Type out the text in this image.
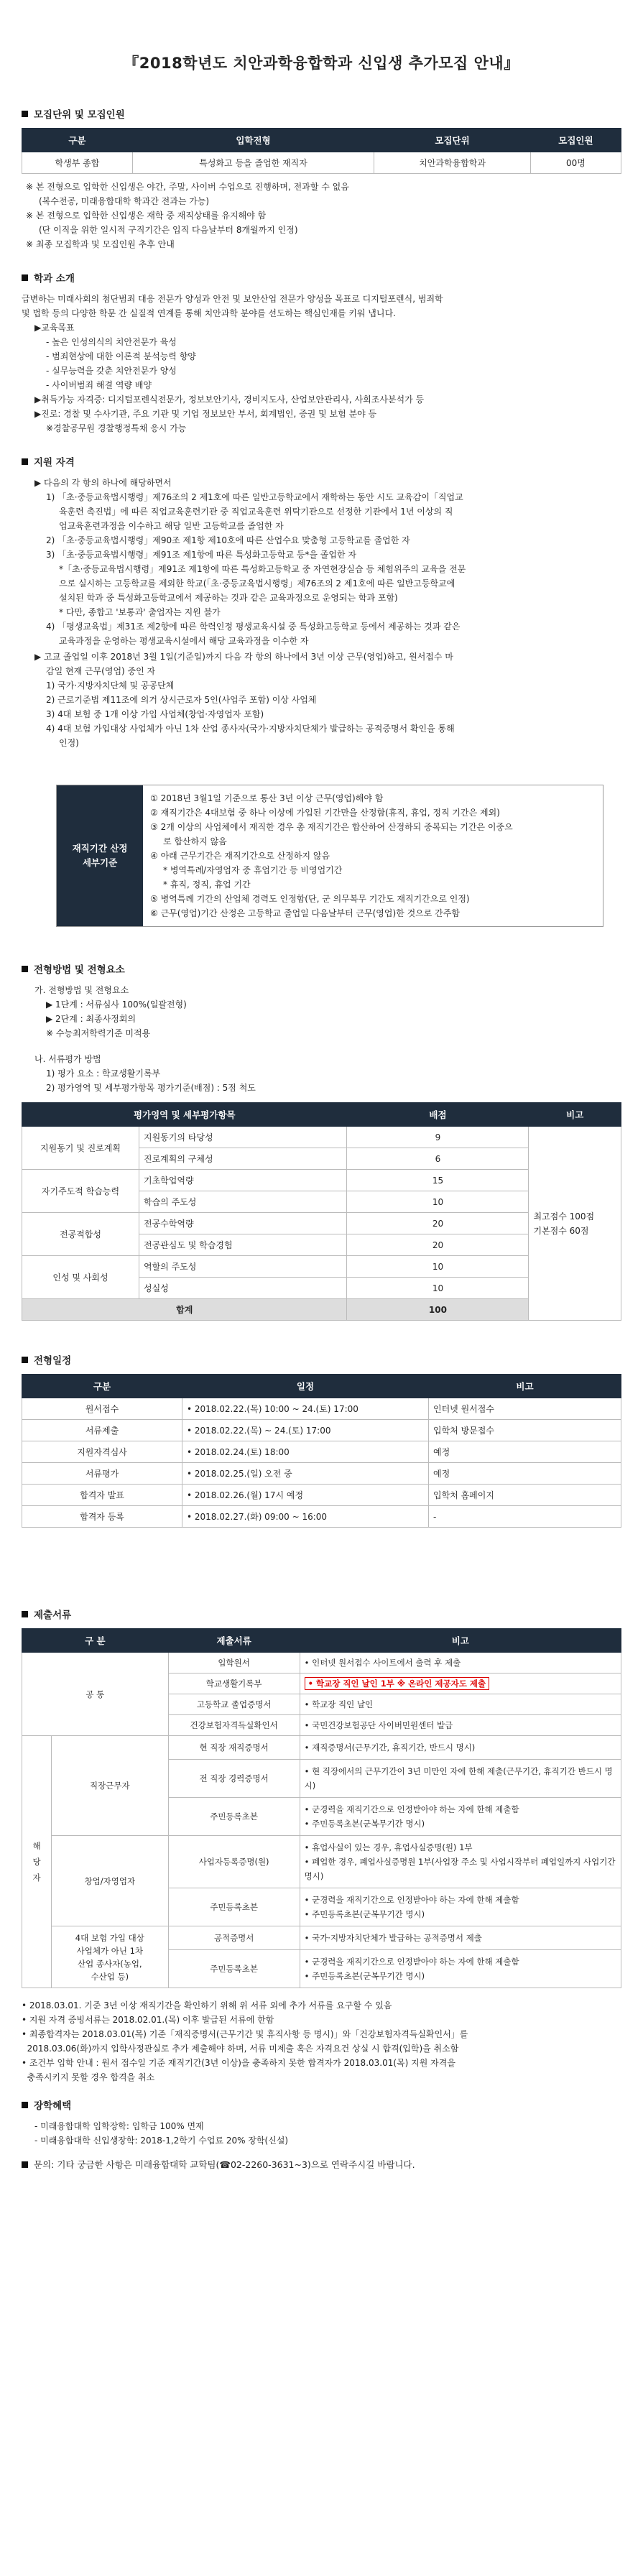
『2018학년도 치안과학융합학과 신입생 추가모집 안내』
모집단위 및 모집인원
구분	입학전형	모집단위	모집인원
학생부 종합	특성화고 등을 졸업한 재직자	치안과학융합학과	00명
※ 본 전형으로 입학한 신입생은 야간, 주말, 사이버 수업으로 진행하며, 전과할 수 없음
(복수전공, 미래융합대학 학과간 전과는 가능)
※ 본 전형으로 입학한 신입생은 재학 중 재직상태를 유지해야 함
(단 이직을 위한 일시적 구직기간은 입직 다음날부터 8개월까지 인정)
※ 최종 모집학과 및 모집인원 추후 안내
학과 소개
급변하는 미래사회의 첨단범죄 대응 전문가 양성과 안전 및 보안산업 전문가 양성을 목표로 디지털포렌식, 범죄학
및 법학 등의 다양한 학문 간 실질적 연계를 통해 치안과학 분야를 선도하는 핵심인재를 키워 냅니다.
▶교육목표
- 높은 인성의식의 치안전문가 육성
- 범죄현상에 대한 이론적 분석능력 향양
- 실무능력을 갖춘 치안전문가 양성
- 사이버범죄 해결 역량 배양
▶취득가능 자격증: 디지털포렌식전문가, 정보보안기사, 경비지도사, 산업보안관리사, 사회조사분석가 등
▶진로: 경찰 및 수사기관, 주요 기관 및 기업 정보보안 부서, 회계법인, 증권 및 보험 분야 등
※경찰공무원 경찰행정특채 응시 가능
지원 자격
▶ 다음의 각 항의 하나에 해당하면서
1) 「초·중등교육법시행령」제76조의 2 제1호에 따른 일반고등학교에서 재학하는 동안 시도 교육감이「직업교
육훈련 촉진법」에 따른 직업교육훈련기관 중 직업교육훈련 위탁기관으로 선정한 기관에서 1년 이상의 직
업교육훈련과정을 이수하고 해당 일반 고등학교를 졸업한 자
2) 「초·중등교육법시행령」제90조 제1항 제10호에 따른 산업수요 맞춤형 고등학교를 졸업한 자
3) 「초·중등교육법시행령」제91조 제1항에 따른 특성화고등학교 등*을 졸업한 자
*「초·중등교육법시행령」제91조 제1항에 따른 특성화고등학교 중 자연현장실습 등 체험위주의 교육을 전문
으로 실시하는 고등학교를 제외한 학교(「초·중등교육법시행령」제76조의 2 제1호에 따른 일반고등학교에
설치된 학과 중 특성화고등학교에서 제공하는 것과 같은 교육과정으로 운영되는 학과 포함)
* 다만, 종합고 '보통과' 출업자는 지원 불가
4) 「평생교육법」제31조 제2항에 따른 학력인정 평생교육시설 중 특성화고등학교 등에서 제공하는 것과 같은
교육과정을 운영하는 평생교육시설에서 해당 교육과정을 이수한 자
▶ 고교 졸업일 이후 2018년 3월 1일(기준일)까지 다음 각 항의 하나에서 3년 이상 근무(영업)하고, 원서접수 마
감일 현재 근무(영업) 중인 자
1) 국가·지방자치단체 및 공공단체
2) 근로기준법 제11조에 의거 상시근로자 5인(사업주 포함) 이상 사업체
3) 4대 보험 중 1개 이상 가입 사업체(창업·자영업자 포함)
4) 4대 보험 가입대상 사업체가 아닌 1차 산업 종사자(국가·지방자치단체가 발급하는 공적증명서 확인을 통해
인정)
재직기간 산정
세부기준
① 2018년 3월1일 기준으로 통산 3년 이상 근무(영업)해야 함
② 재직기간은 4대보험 중 하나 이상에 가입된 기간만을 산정함(휴직, 휴업, 정직 기간은 제외)
③ 2개 이상의 사업체에서 재직한 경우 총 재직기간은 합산하여 산정하되 중복되는 기간은 이중으
로 합산하지 않음
④ 아래 근무기간은 재직기간으로 산정하지 않음
* 병역특례/자영업자 중 휴업기간 등 비영업기간
* 휴직, 정직, 휴업 기간
⑤ 병역특례 기간의 산업체 경력도 인정함(단, 군 의무복무 기간도 재직기간으로 인정)
⑥ 근무(영업)기간 산정은 고등학교 졸업일 다음날부터 근무(영업)한 것으로 간주함
전형방법 및 전형요소
가. 전형방법 및 전형요소
▶ 1단계 : 서류심사 100%(일괄전형)
▶ 2단계 : 최종사정회의
※ 수능최저학력기준 미적용
나. 서류평가 방법
1) 평가 요소 : 학교생활기록부
2) 평가영역 및 세부평가항목 평가기준(배점) : 5점 척도
평가영역 및 세부평가항목		배점	비고
지원동기 및 진로계획	지원동기의 타당성	9	최고점수 100점
기본점수 60점

	진로계획의 구체성	6	
자기주도적 학습능력	기초학업역량	15	
	학습의 주도성	10	
전공적합성	전공수학역량	20	
	전공관심도 및 학습경험	20	
인성 및 사회성	역할의 주도성	10	
	성실성	10	
합계		100	
전형일정
구분	일정	비고
원서접수	• 2018.02.22.(목) 10:00 ~ 24.(토) 17:00	인터넷 원서접수
서류제출	• 2018.02.22.(목) ~ 24.(토) 17:00	입학처 방문접수
지원자격심사	• 2018.02.24.(토) 18:00	예정
서류평가	• 2018.02.25.(일) 오전 중	예정
합격자 발표	• 2018.02.26.(월) 17시 예정	입학처 홈페이지
합격자 등록	• 2018.02.27.(화) 09:00 ~ 16:00	-
제출서류
구 분		제출서류	비고
공 통		입학원서	• 인터넷 원서접수 사이트에서 출력 후 제출
		학교생활기록부	• 학교장 직인 날인 1부 ※ 온라인 제공자도 제출
		고등학교 졸업증명서	• 학교장 직인 날인
		건강보험자격득실확인서	• 국민건강보험공단 사이버민원센터 발급
해
당
자	직장근무자	현 직장 재직증명서	• 재직증명서(근무기간, 휴직기간, 반드시 명시)
		전 직장 경력증명서	• 현 직장에서의 근무기간이 3년 미만인 자에 한해 제출(근무기간, 휴직기간 반드시 명시)
		주민등록초본	• 군경력을 재직기간으로 인정받아야 하는 자에 한해 제출함
• 주민등록초본(군복무기간 명시)
	창업/자영업자	사업자등록증명(원)	• 휴업사실이 있는 경우, 휴업사실증명(원) 1부
• 폐업한 경우, 폐업사실증명원 1부(사업장 주소 및 사업시작부터 폐업일까지 사업기간 명시)
		주민등록초본	• 군경력을 재직기간으로 인정받아야 하는 자에 한해 제출함
• 주민등록초본(군복무기간 명시)
	4대 보험 가입 대상
사업체가 아닌 1차
산업 종사자(농업,
수산업 등)	공적증명서	• 국가·지방자치단체가 발급하는 공적증명서 제출
		주민등록초본	• 군경력을 재직기간으로 인정받아야 하는 자에 한해 제출함
• 주민등록초본(군복무기간 명시)
• 2018.03.01. 기준 3년 이상 재직기간을 확인하기 위해 위 서류 외에 추가 서류를 요구할 수 있음
• 지원 자격 증빙서류는 2018.02.01.(목) 이후 발급된 서류에 한함
• 최종합격자는 2018.03.01(목) 기준「재직증명서(근무기간 및 휴직사항 등 명시)」와「건강보험자격득실확인서」를
2018.03.06(화)까지 입학사정관실로 추가 제출해야 하며, 서류 미제출 혹은 자격요건 상실 시 합격(입학)을 취소함
• 조건부 입학 안내 : 원서 접수일 기준 재직기간(3년 이상)을 충족하지 못한 합격자가 2018.03.01(목) 지원 자격을
충족시키지 못할 경우 합격을 취소
장학혜택
- 미래융합대학 입학장학: 입학금 100% 면제
- 미래융합대학 신입생장학: 2018-1,2학기 수업료 20% 장학(신설)
문의: 기타 궁금한 사항은 미래융합대학 교학팀(☎02-2260-3631~3)으로 연락주시길 바랍니다.
